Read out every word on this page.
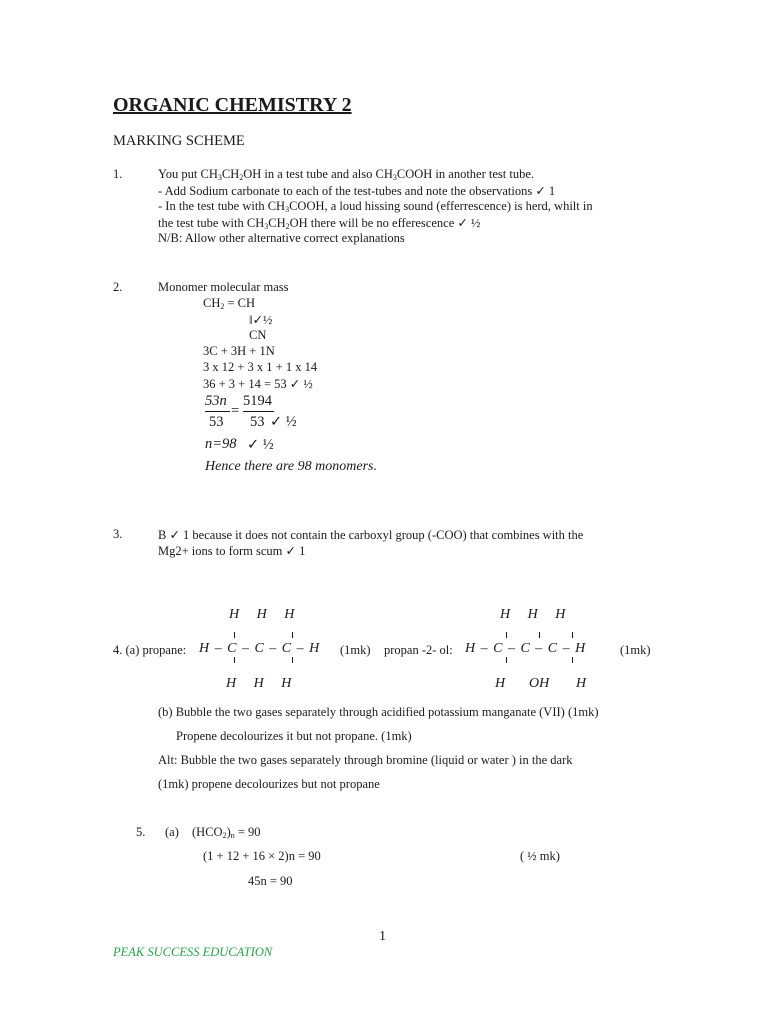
ORGANIC CHEMISTRY 2
MARKING SCHEME
1.	You put $CH_3CH_2OH$ in a test tube and also $CH_3COOH$ in another test tube.
- Add Sodium carbonate to each of the test-tubes and note the observations ✓ 1
- In the test tube with $CH_3COOH$, a loud hissing sound (efferrescence) is herd, whilt in
the test tube with $CH_3CH_2OH$ there will be no efferescence ✓ ½
N/B: Allow other alternative correct explanations
2.	Monomer molecular mass
$CH_2$ = CH
‖✓½
CN
3C + 3H + 1N
3 x 12 + 3 x 1 + 1 x 14
36 + 3 + 14 = 53 ✓ ½
53n 5194
=
53 53 ✓ ½
n=98 ✓ ½
Hence there are 98 monomers.
3.	B ✓ 1 because it does not contain the carboxyl group (-COO) that combines with the
Mg2+ ions to form scum ✓ 1
H     H     H
4. (a) propane: H – C – C – C – H (1mk)
H     H     H
H     H     H
propan -2- ol: H – C – C – C – H	(1mk)
H OH H
(b) Bubble the two gases separately through acidified potassium manganate (VII) (1mk)
Propene decolourizes it but not propane. (1mk)
Alt: Bubble the two gases separately through bromine (liquid or water ) in the dark
(1mk) propene decolourizes but not propane
5. (a) $(HCO_2)_n = 90$
(1 + 12 + 16 × 2)n = 90	( ½ mk)
45n = 90
1
PEAK SUCCESS EDUCATION
